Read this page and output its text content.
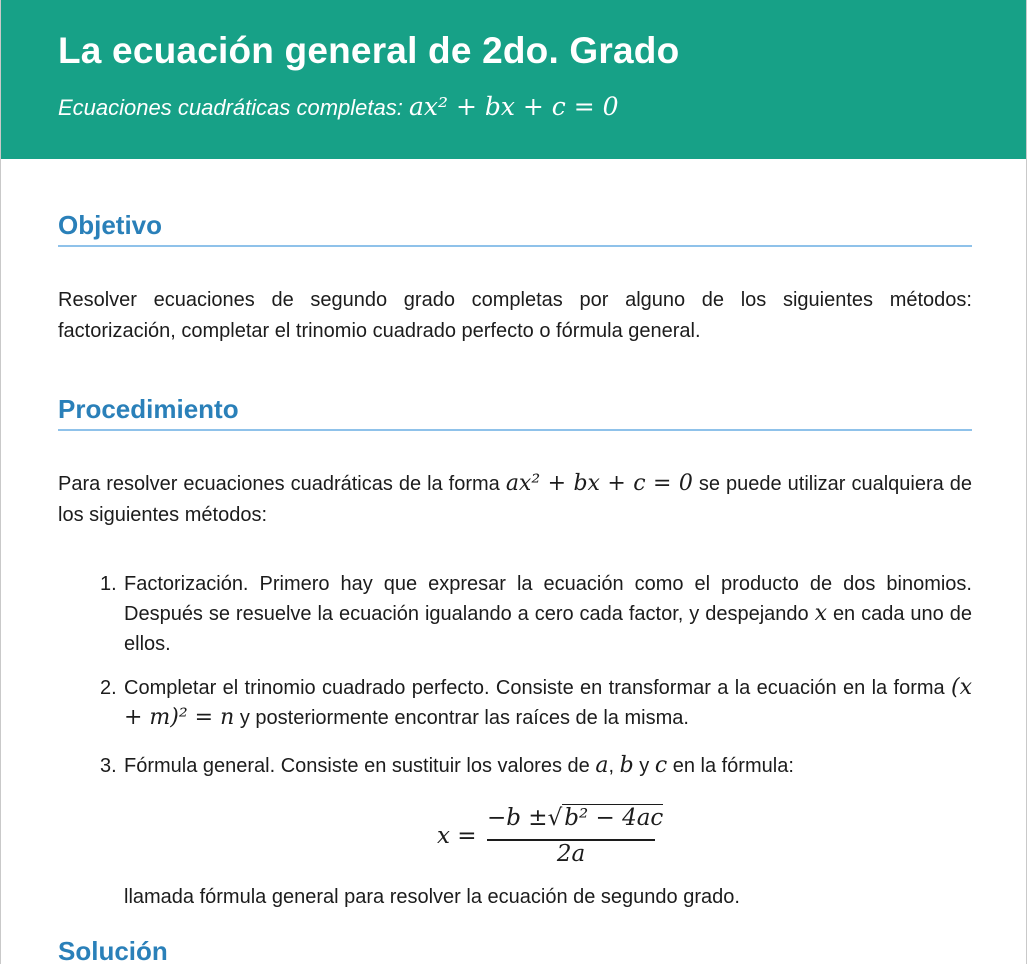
La ecuación general de 2do. Grado
Ecuaciones cuadráticas completas: ax² + bx + c = 0
Objetivo

Resolver ecuaciones de segundo grado completas por alguno de los siguientes métodos: factorización, completar el trinomio cuadrado perfecto o fórmula general.

Procedimiento

Para resolver ecuaciones cuadráticas de la forma ax² + bx + c = 0 se puede utilizar cualquiera de los siguientes métodos:

1. Factorización. Primero hay que expresar la ecuación como el producto de dos binomios. Después se resuelve la ecuación igualando a cero cada factor, y despejando x en cada uno de ellos.
2. Completar el trinomio cuadrado perfecto. Consiste en transformar a la ecuación en la forma (x + m)² = n y posteriormente encontrar las raíces de la misma.
3. Fórmula general. Consiste en sustituir los valores de a, b y c en la fórmula:
x =
−b ±√b² − 4ac
2a
llamada fórmula general para resolver la ecuación de segundo grado.
Solución
